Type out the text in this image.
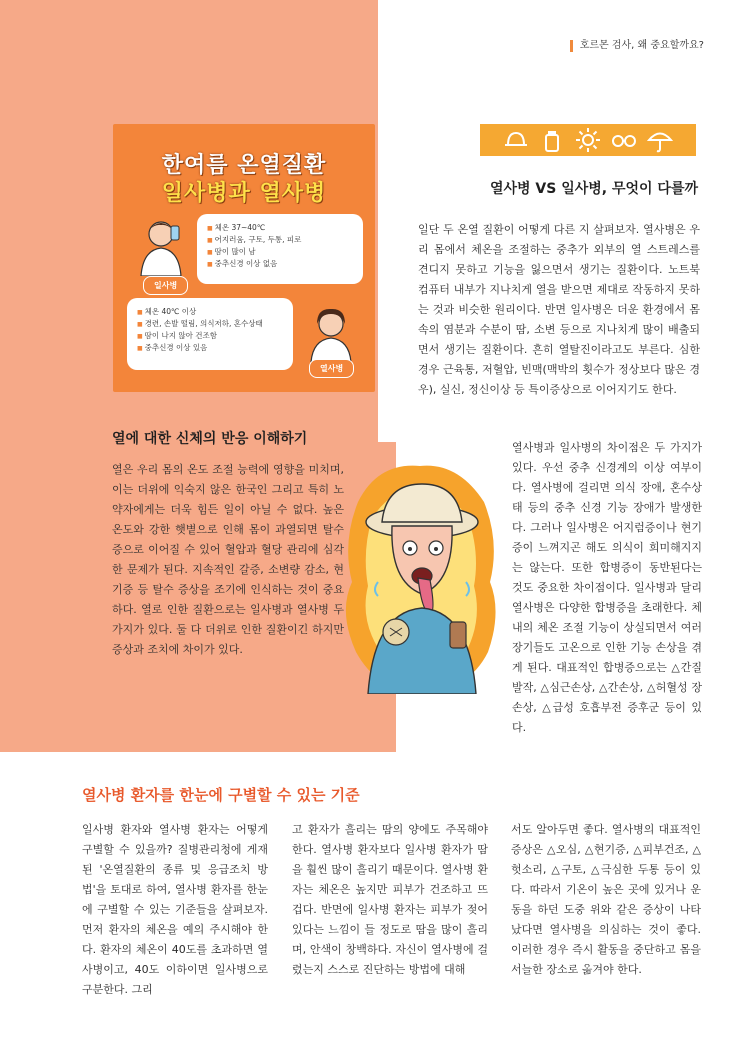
호르몬 검사, 왜 중요할까요?
한여름 온열질환
일사병과 열사병
■ 체온 37~40℃
■ 어지러움, 구토, 두통, 피로
■ 땀이 많이 남
■ 중추신경 이상 없음
일사병
■ 체온 40℃ 이상
■ 경련, 손발 떨림, 의식저하, 혼수상태
■ 땀이 나지 않아 건조함
■ 중추신경 이상 있음
열사병
열사병 VS 일사병, 무엇이 다를까
일단 두 온열 질환이 어떻게 다른 지 살펴보자. 열사병은 우리 몸에서 체온을 조절하는 중추가 외부의 열 스트레스를 견디지 못하고 기능을 잃으면서 생기는 질환이다. 노트북 컴퓨터 내부가 지나치게 열을 받으면 제대로 작동하지 못하는 것과 비슷한 원리이다. 반면 일사병은 더운 환경에서 몸속의 염분과 수분이 땀, 소변 등으로 지나치게 많이 배출되면서 생기는 질환이다. 흔히 열탈진이라고도 부른다. 심한 경우 근육통, 저혈압, 빈맥(맥박의 횟수가 정상보다 많은 경우), 실신, 정신이상 등 특이증상으로 이어지기도 한다.
열에 대한 신체의 반응 이해하기
열은 우리 몸의 온도 조절 능력에 영향을 미치며, 이는 더위에 익숙지 않은 한국인 그리고 특히 노약자에게는 더욱 힘든 일이 아닐 수 없다. 높은 온도와 강한 햇볕으로 인해 몸이 과열되면 탈수증으로 이어질 수 있어 혈압과 혈당 관리에 심각한 문제가 된다. 지속적인 갈증, 소변량 감소, 현기증 등 탈수 증상을 조기에 인식하는 것이 중요하다. 열로 인한 질환으로는 일사병과 열사병 두가지가 있다. 둘 다 더위로 인한 질환이긴 하지만 증상과 조치에 차이가 있다.
열사병과 일사병의 차이점은 두 가지가 있다. 우선 중추 신경계의 이상 여부이다. 열사병에 걸리면 의식 장애, 혼수상태 등의 중추 신경 기능 장애가 발생한다. 그러나 일사병은 어지럼증이나 현기증이 느껴지곤 해도 의식이 희미해지지는 않는다. 또한 합병증이 동반된다는 것도 중요한 차이점이다. 일사병과 달리 열사병은 다양한 합병증을 초래한다. 체내의 체온 조절 기능이 상실되면서 여러 장기들도 고온으로 인한 기능 손상을 겪게 된다. 대표적인 합병증으로는 △간질발작, △심근손상, △간손상, △허혈성 장손상, △급성 호흡부전 증후군 등이 있다.
열사병 환자를 한눈에 구별할 수 있는 기준
일사병 환자와 열사병 환자는 어떻게 구별할 수 있을까? 질병관리청에 게재된 '온열질환의 종류 및 응급조치 방법'을 토대로 하여, 열사병 환자를 한눈에 구별할 수 있는 기준들을 살펴보자. 먼저 환자의 체온을 예의 주시해야 한다. 환자의 체온이 40도를 초과하면 열사병이고, 40도 이하이면 일사병으로 구분한다. 그리
고 환자가 흘리는 땀의 양에도 주목해야 한다. 열사병 환자보다 일사병 환자가 땀을 훨씬 많이 흘리기 때문이다. 열사병 환자는 체온은 높지만 피부가 건조하고 뜨겁다. 반면에 일사병 환자는 피부가 젖어 있다는 느낌이 들 정도로 땀을 많이 흘리며, 안색이 창백하다. 자신이 열사병에 걸렸는지 스스로 진단하는 방법에 대해
서도 알아두면 좋다. 열사병의 대표적인 증상은 △오심, △현기증, △피부건조, △헛소리, △구토, △극심한 두통 등이 있다. 따라서 기온이 높은 곳에 있거나 운동을 하던 도중 위와 같은 증상이 나타났다면 열사병을 의심하는 것이 좋다. 이러한 경우 즉시 활동을 중단하고 몸을 서늘한 장소로 옮겨야 한다.
